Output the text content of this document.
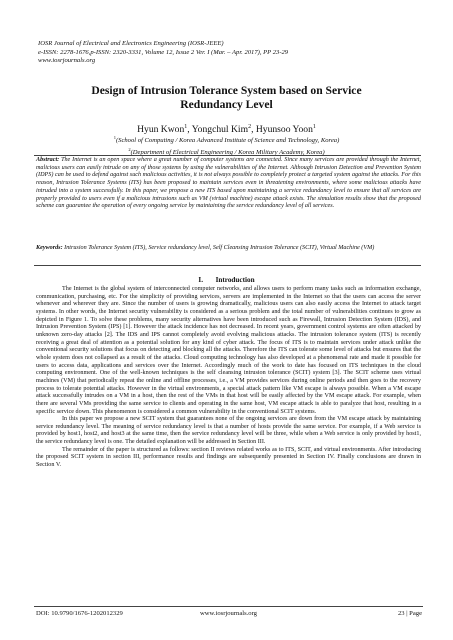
IOSR Journal of Electrical and Electronics Engineering (IOSR-JEEE)
e-ISSN: 2278-1676,p-ISSN: 2320-3331, Volume 12, Issue 2 Ver. I (Mar. – Apr. 2017), PP 23-29
www.iosrjournals.org
Design of Intrusion Tolerance System based on Service
Redundancy Level
Hyun Kwon$^1$, Yongchul Kim$^2$, Hyunsoo Yoon$^1$
$^1$(School of Computing / Korea Advanced Institute of Science and Technology, Korea)
$^2$(Department of Electrical Engineering / Korea Military Academy, Korea)
Abstract: The Internet is an open space where a great number of computer systems are connected. Since many services are provided through the Internet, malicious users can easily intrude on any of those systems by using the vulnerabilities of the Internet. Although Intrusion Detection and Prevention System (IDPS) can be used to defend against such malicious activities, it is not always possible to completely protect a targeted system against the attacks. For this reason, Intrusion Tolerance Systems (ITS) has been proposed to maintain services even in threatening environments, where some malicious attacks have intruded into a system successfully. In this paper, we propose a new ITS based upon maintaining a service redundancy level to ensure that all services are properly provided to users even if a malicious intrusions such as VM (virtual machine) escape attack exists. The simulation results show that the proposed scheme can guarantee the operation of every ongoing service by maintaining the service redundancy level of all services.
Keywords: Intrusion Tolerance System (ITS), Service redundancy level, Self Cleansing Intrusion Tolerance (SCIT), Virtual Machine (VM)
I.       Introduction

The Internet is the global system of interconnected computer networks, and allows users to perform many tasks such as information exchange, communication, purchasing, etc. For the simplicity of providing services, servers are implemented in the Internet so that the users can access the server whenever and wherever they are. Since the number of users is growing dramatically, malicious users can also easily access the Internet to attack target systems. In other words, the Internet security vulnerability is considered as a serious problem and the total number of vulnerabilities continues to grow as depicted in Figure 1. To solve these problems, many security alternatives have been introduced such as Firewall, Intrusion Detection System (IDS), and Intrusion Prevention System (IPS) [1]. However the attack incidence has not decreased. In recent years, government control systems are often attacked by unknown zero-day attacks [2]. The IDS and IPS cannot completely avoid evolving malicious attacks. The intrusion tolerance system (ITS) is recently receiving a great deal of attention as a potential solution for any kind of cyber attack. The focus of ITS is to maintain services under attack unlike the conventional security solutions that focus on detecting and blocking all the attacks. Therefore the ITS can tolerate some level of attacks but ensures that the whole system does not collapsed as a result of the attacks. Cloud computing technology has also developed at a phenomenal rate and made it possible for users to access data, applications and services over the Internet. Accordingly much of the work to date has focused on ITS techniques in the cloud computing environment. One of the well-known techniques is the self cleansing intrusion tolerance (SCIT) system [3]. The SCIT scheme uses virtual machines (VM) that periodically repeat the online and offline processes, i.e., a VM provides services during online periods and then goes to the recovery process to tolerate potential attacks. However in the virtual environments, a special attack pattern like VM escape is always possible. When a VM escape attack successfully intrudes on a VM in a host, then the rest of the VMs in that host will be easily affected by the VM escape attack. For example, when there are several VMs providing the same service to clients and operating in the same host, VM escape attack is able to paralyze that host, resulting in a specific service down. This phenomenon is considered a common vulnerability in the conventional SCIT systems.

In this paper we propose a new SCIT system that guarantees none of the ongoing services are down from the VM escape attack by maintaining service redundancy level. The meaning of service redundancy level is that a number of hosts provide the same service. For example, if a Web service is provided by host1, host2, and host3 at the same time, then the service redundancy level will be three, while when a Web service is only provided by host1, the service redundancy level is one. The detailed explanation will be addressed in Section III.

The remainder of the paper is structured as follows: section II reviews related works as to ITS, SCIT, and virtual environments. After introducing the proposed SCIT system in section III, performance results and findings are subsequently presented in Section IV. Finally conclusions are drawn in Section V.

DOI: 10.9790/1676-1202012329	www.iosrjournals.org	23 | Page
